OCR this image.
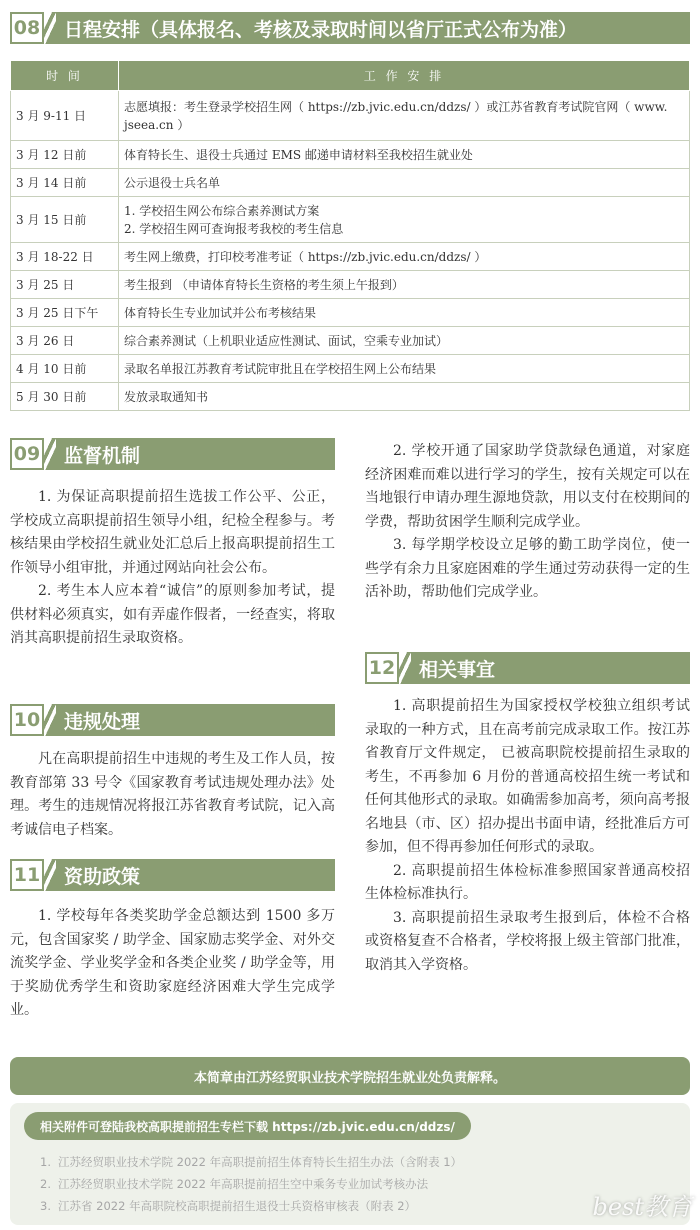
08	日程安排（具体报名、考核及录取时间以省厅正式公布为准）
时 间	工 作 安 排
3 月 9-11 日	志愿填报：考生登录学校招生网（ https://zb.jvic.edu.cn/ddzs/ ）或江苏省教育考试院官网（ www.
jseea.cn ）

3 月 12 日前	体育特长生、退役士兵通过 EMS 邮递申请材料至我校招生就业处
3 月 14 日前	公示退役士兵名单
3 月 15 日前	1. 学校招生网公布综合素养测试方案
2. 学校招生网可查询报考我校的考生信息

3 月 18-22 日	考生网上缴费，打印校考准考证（ https://zb.jvic.edu.cn/ddzs/ ）
3 月 25 日	考生报到 （申请体育特长生资格的考生须上午报到）
3 月 25 日下午	体育特长生专业加试并公布考核结果
3 月 26 日	综合素养测试（上机职业适应性测试、面试，空乘专业加试）
4 月 10 日前	录取名单报江苏教育考试院审批且在学校招生网上公布结果
5 月 30 日前	发放录取通知书
09	监督机制

1. 为保证高职提前招生选拔工作公平、公正，学校成立高职提前招生领导小组，纪检全程参与。考核结果由学校招生就业处汇总后上报高职提前招生工作领导小组审批，并通过网站向社会公布。

2. 考生本人应本着“诚信”的原则参加考试，提供材料必须真实，如有弄虚作假者，一经查实，将取消其高职提前招生录取资格。

10	违规处理

凡在高职提前招生中违规的考生及工作人员，按教育部第 33 号令《国家教育考试违规处理办法》处理。考生的违规情况将报江苏省教育考试院，记入高考诚信电子档案。

11	资助政策

1. 学校每年各类奖助学金总额达到 1500 多万元，包含国家奖 / 助学金、国家励志奖学金、对外交流奖学金、学业奖学金和各类企业奖 / 助学金等，用于奖励优秀学生和资助家庭经济困难大学生完成学业。

2. 学校开通了国家助学贷款绿色通道，对家庭经济困难而难以进行学习的学生，按有关规定可以在当地银行申请办理生源地贷款，用以支付在校期间的学费，帮助贫困学生顺利完成学业。

3. 每学期学校设立足够的勤工助学岗位，使一些学有余力且家庭困难的学生通过劳动获得一定的生活补助，帮助他们完成学业。

12	相关事宜

1. 高职提前招生为国家授权学校独立组织考试录取的一种方式，且在高考前完成录取工作。按江苏省教育厅文件规定， 已被高职院校提前招生录取的考生，不再参加 6 月份的普通高校招生统一考试和任何其他形式的录取。如确需参加高考，须向高考报名地县（市、区）招办提出书面申请，经批准后方可参加，但不得再参加任何形式的录取。

2. 高职提前招生体检标准参照国家普通高校招生体检标准执行。

3. 高职提前招生录取考生报到后，体检不合格或资格复查不合格者，学校将报上级主管部门批准，取消其入学资格。

本简章由江苏经贸职业技术学院招生就业处负责解释。
相关附件可登陆我校高职提前招生专栏下载 https://zb.jvic.edu.cn/ddzs/
1. 江苏经贸职业技术学院 2022 年高职提前招生体育特长生招生办法（含附表 1）
2. 江苏经贸职业技术学院 2022 年高职提前招生空中乘务专业加试考核办法
3. 江苏省 2022 年高职院校高职提前招生退役士兵资格审核表（附表 2）	best教育
